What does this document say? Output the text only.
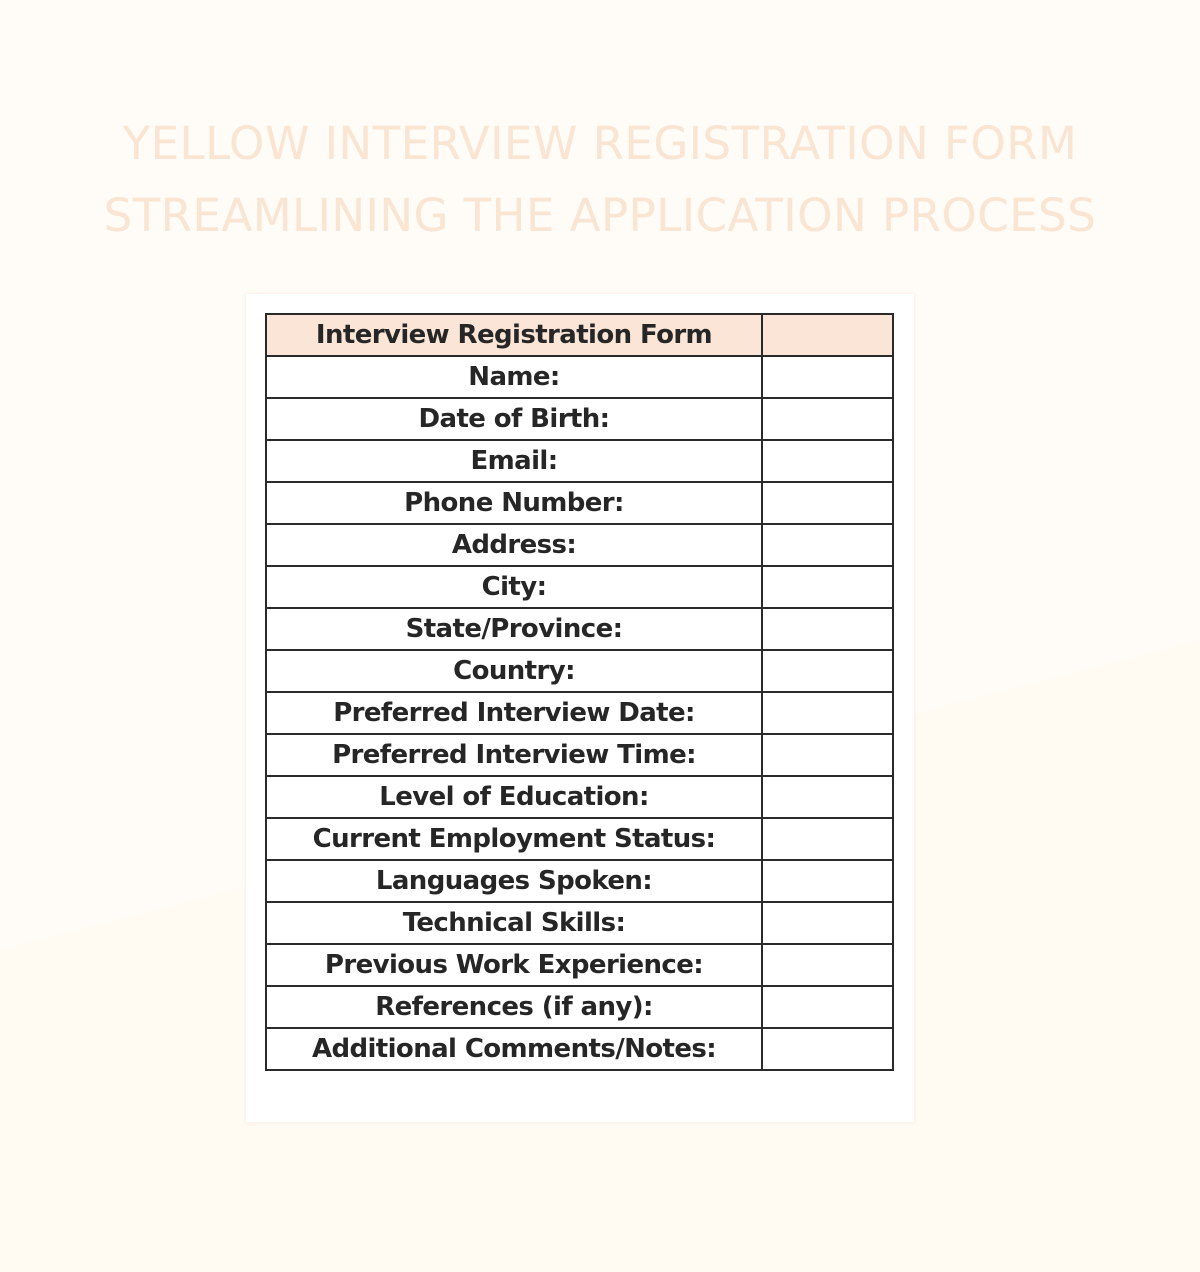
YELLOW INTERVIEW REGISTRATION FORM
STREAMLINING THE APPLICATION PROCESS
Interview Registration Form	
Name:	
Date of Birth:	
Email:	
Phone Number:	
Address:	
City:	
State/Province:	
Country:	
Preferred Interview Date:	
Preferred Interview Time:	
Level of Education:	
Current Employment Status:	
Languages Spoken:	
Technical Skills:	
Previous Work Experience:	
References (if any):	
Additional Comments/Notes:	
